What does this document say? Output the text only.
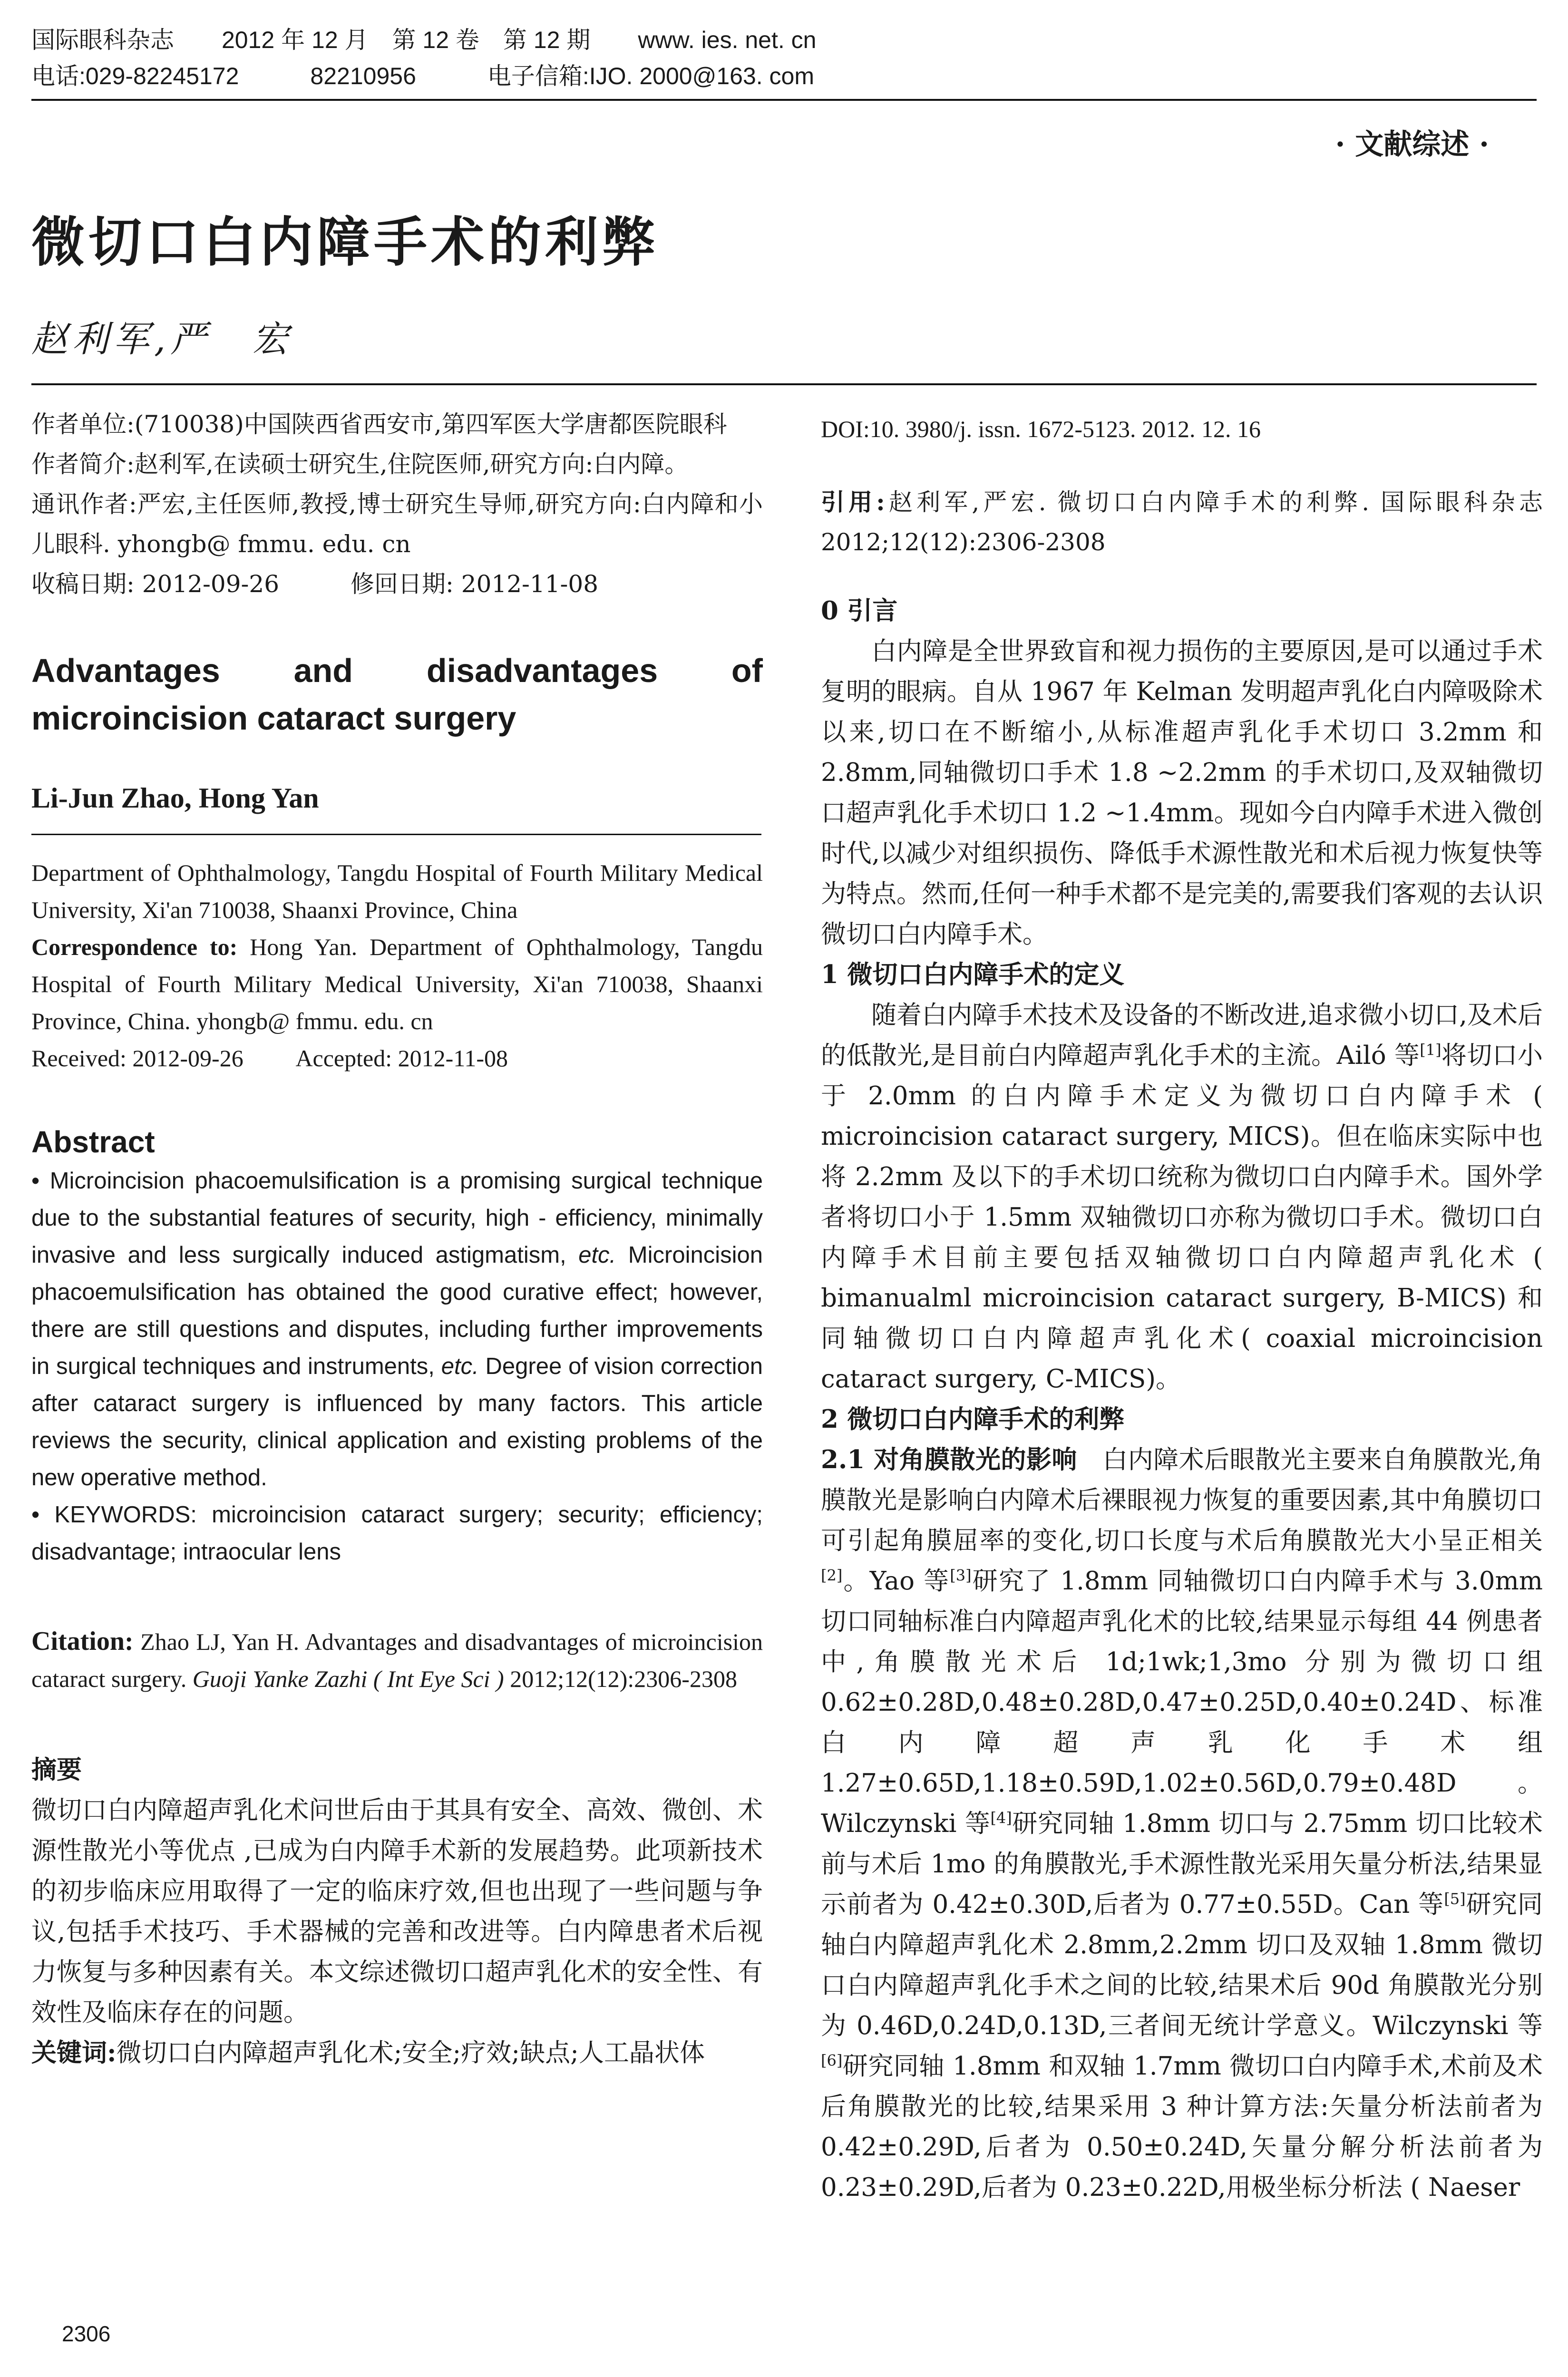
国际眼科杂志　　2012 年 12 月　第 12 卷　第 12 期　　www. ies. net. cn
电话:029-82245172　　　82210956　　　电子信箱:IJO. 2000@163. com
· 文献综述 ·
微切口白内障手术的利弊
赵利军,严　宏
作者单位:(710038)中国陕西省西安市,第四军医大学唐都医院眼科
作者简介:赵利军,在读硕士研究生,住院医师,研究方向:白内障。
通讯作者:严宏,主任医师,教授,博士研究生导师,研究方向:白内障和小儿眼科. yhongb@ fmmu. edu. cn
收稿日期: 2012-09-26　　　修回日期: 2012-11-08
Advantages and disadvantages of microincision cataract surgery
Li-Jun Zhao, Hong Yan
Department of Ophthalmology, Tangdu Hospital of Fourth Military Medical University, Xi'an 710038, Shaanxi Province, China
Correspondence to: Hong Yan. Department of Ophthalmology, Tangdu Hospital of Fourth Military Medical University, Xi'an 710038, Shaanxi Province, China. yhongb@ fmmu. edu. cn
Received: 2012-09-26　　 Accepted: 2012-11-08
Abstract
• Microincision phacoemulsification is a promising surgical technique due to the substantial features of security, high - efficiency, minimally invasive and less surgically induced astigmatism, etc. Microincision phacoemulsification has obtained the good curative effect; however, there are still questions and disputes, including further improvements in surgical techniques and instruments, etc. Degree of vision correction after cataract surgery is influenced by many factors. This article reviews the security, clinical application and existing problems of the new operative method.
• KEYWORDS: microincision cataract surgery; security; efficiency; disadvantage; intraocular lens
Citation: Zhao LJ, Yan H. Advantages and disadvantages of microincision cataract surgery. Guoji Yanke Zazhi ( Int Eye Sci ) 2012;12(12):2306-2308
摘要
微切口白内障超声乳化术问世后由于其具有安全、高效、微创、术源性散光小等优点 ,已成为白内障手术新的发展趋势。此项新技术的初步临床应用取得了一定的临床疗效,但也出现了一些问题与争议,包括手术技巧、手术器械的完善和改进等。白内障患者术后视力恢复与多种因素有关。本文综述微切口超声乳化术的安全性、有效性及临床存在的问题。
关键词:微切口白内障超声乳化术;安全;疗效;缺点;人工晶状体
DOI:10. 3980/j. issn. 1672-5123. 2012. 12. 16
引用:赵利军,严宏. 微切口白内障手术的利弊. 国际眼科杂志 2012;12(12):2306-2308
0 引言
白内障是全世界致盲和视力损伤的主要原因,是可以通过手术复明的眼病。自从 1967 年 Kelman 发明超声乳化白内障吸除术以来,切口在不断缩小,从标准超声乳化手术切口 3.2mm 和 2.8mm,同轴微切口手术 1.8 ~2.2mm 的手术切口,及双轴微切口超声乳化手术切口 1.2 ~1.4mm。现如今白内障手术进入微创时代,以减少对组织损伤、降低手术源性散光和术后视力恢复快等为特点。然而,任何一种手术都不是完美的,需要我们客观的去认识微切口白内障手术。
1 微切口白内障手术的定义
随着白内障手术技术及设备的不断改进,追求微小切口,及术后的低散光,是目前白内障超声乳化手术的主流。Ailó 等[1]将切口小于 2.0mm 的白内障手术定义为微切口白内障手术 ( microincision cataract surgery, MICS)。但在临床实际中也将 2.2mm 及以下的手术切口统称为微切口白内障手术。国外学者将切口小于 1.5mm 双轴微切口亦称为微切口手术。微切口白内障手术目前主要包括双轴微切口白内障超声乳化术 ( bimanualml microincision cataract surgery, B-MICS) 和同轴微切口白内障超声乳化术( coaxial microincision cataract surgery, C-MICS)。
2 微切口白内障手术的利弊
2.1 对角膜散光的影响　白内障术后眼散光主要来自角膜散光,角膜散光是影响白内障术后裸眼视力恢复的重要因素,其中角膜切口可引起角膜屈率的变化,切口长度与术后角膜散光大小呈正相关[2]。Yao 等[3]研究了 1.8mm 同轴微切口白内障手术与 3.0mm 切口同轴标准白内障超声乳化术的比较,结果显示每组 44 例患者中,角膜散光术后 1d;1wk;1,3mo 分别为微切口组 0.62±0.28D,0.48±0.28D,0.47±0.25D,0.40±0.24D、标准白内障超声乳化手术组 1.27±0.65D,1.18±0.59D,1.02±0.56D,0.79±0.48D。Wilczynski 等[4]研究同轴 1.8mm 切口与 2.75mm 切口比较术前与术后 1mo 的角膜散光,手术源性散光采用矢量分析法,结果显示前者为 0.42±0.30D,后者为 0.77±0.55D。Can 等[5]研究同轴白内障超声乳化术 2.8mm,2.2mm 切口及双轴 1.8mm 微切口白内障超声乳化手术之间的比较,结果术后 90d 角膜散光分别为 0.46D,0.24D,0.13D,三者间无统计学意义。Wilczynski 等[6]研究同轴 1.8mm 和双轴 1.7mm 微切口白内障手术,术前及术后角膜散光的比较,结果采用 3 种计算方法:矢量分析法前者为 0.42±0.29D,后者为 0.50±0.24D,矢量分解分析法前者为 0.23±0.29D,后者为 0.23±0.22D,用极坐标分析法 ( Naeser
2306
